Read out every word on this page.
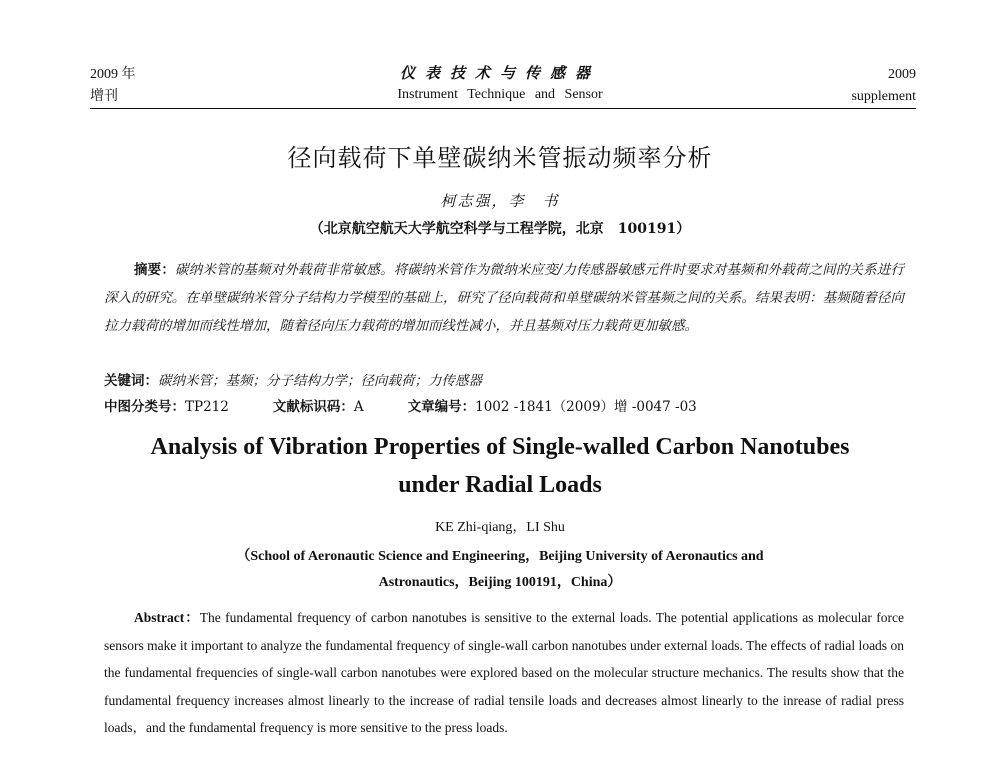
2009 年
增刊
仪表技术与传感器
Instrument Technique and Sensor
2009
supplement
径向载荷下单壁碳纳米管振动频率分析
柯志强，李　书
（北京航空航天大学航空科学与工程学院，北京　100191）
摘要：碳纳米管的基频对外载荷非常敏感。将碳纳米管作为微纳米应变/力传感器敏感元件时要求对基频和外载荷之间的关系进行深入的研究。在单壁碳纳米管分子结构力学模型的基础上，研究了径向载荷和单壁碳纳米管基频之间的关系。结果表明：基频随着径向拉力载荷的增加而线性增加，随着径向压力载荷的增加而线性减小，并且基频对压力载荷更加敏感。
关键词：碳纳米管；基频；分子结构力学；径向载荷；力传感器
中图分类号：TP212	文献标识码：A	文章编号：1002 -1841（2009）增 -0047 -03
Analysis of Vibration Properties of Single-walled Carbon Nanotubes
under Radial Loads
KE Zhi-qiang，LI Shu
（School of Aeronautic Science and Engineering，Beijing University of Aeronautics and
Astronautics，Beijing 100191，China）
Abstract：The fundamental frequency of carbon nanotubes is sensitive to the external loads. The potential applications as molecular force sensors make it important to analyze the fundamental frequency of single-wall carbon nanotubes under external loads. The effects of radial loads on the fundamental frequencies of single-wall carbon nanotubes were explored based on the molecular structure mechanics. The results show that the fundamental frequency increases almost linearly to the increase of radial tensile loads and decreases almost linearly to the inrease of radial press loads，and the fundamental frequency is more sensitive to the press loads.
